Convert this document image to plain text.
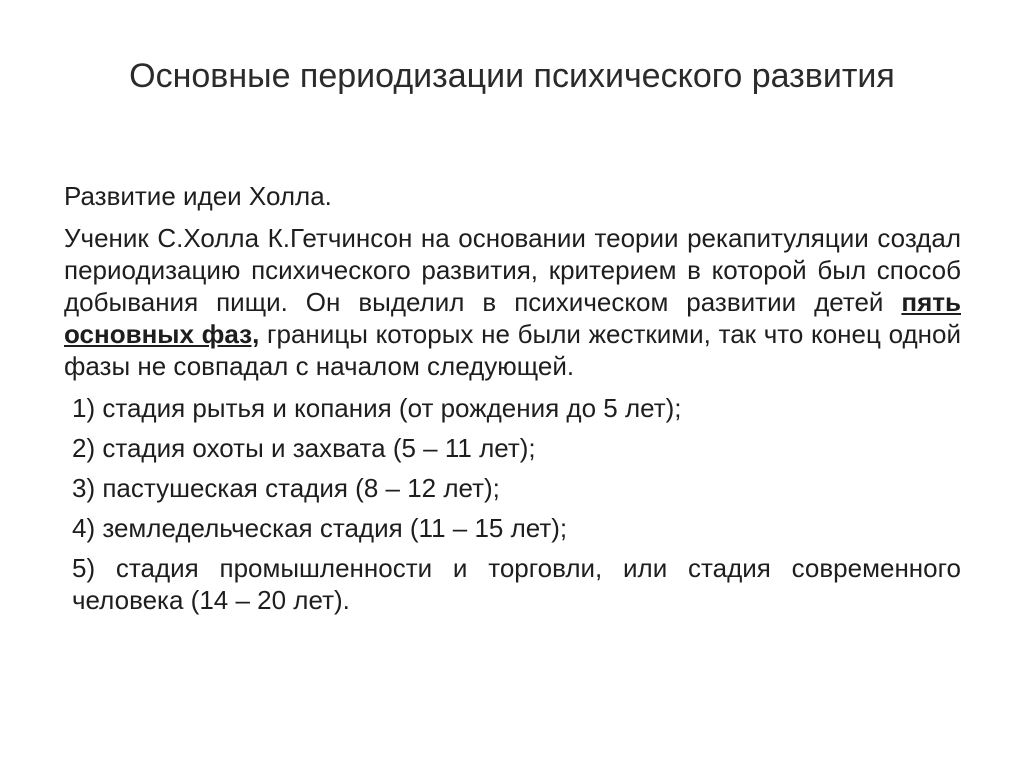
Основные периодизации психического развития

Развитие идеи Холла.

Ученик С.Холла К.Гетчинсон на основании теории рекапитуляции создал периодизацию психического развития, критерием в которой был способ добывания пищи. Он выделил в психическом развитии детей пять основных фаз, границы которых не были жесткими, так что конец одной фазы не совпадал с началом следующей.

1) стадия рытья и копания (от рождения до 5 лет);

2) стадия охоты и захвата (5 – 11 лет);

3) пастушеская стадия (8 – 12 лет);

4) земледельческая стадия (11 – 15 лет);

5) стадия промышленности и торговли, или стадия современного человека (14 – 20 лет).
